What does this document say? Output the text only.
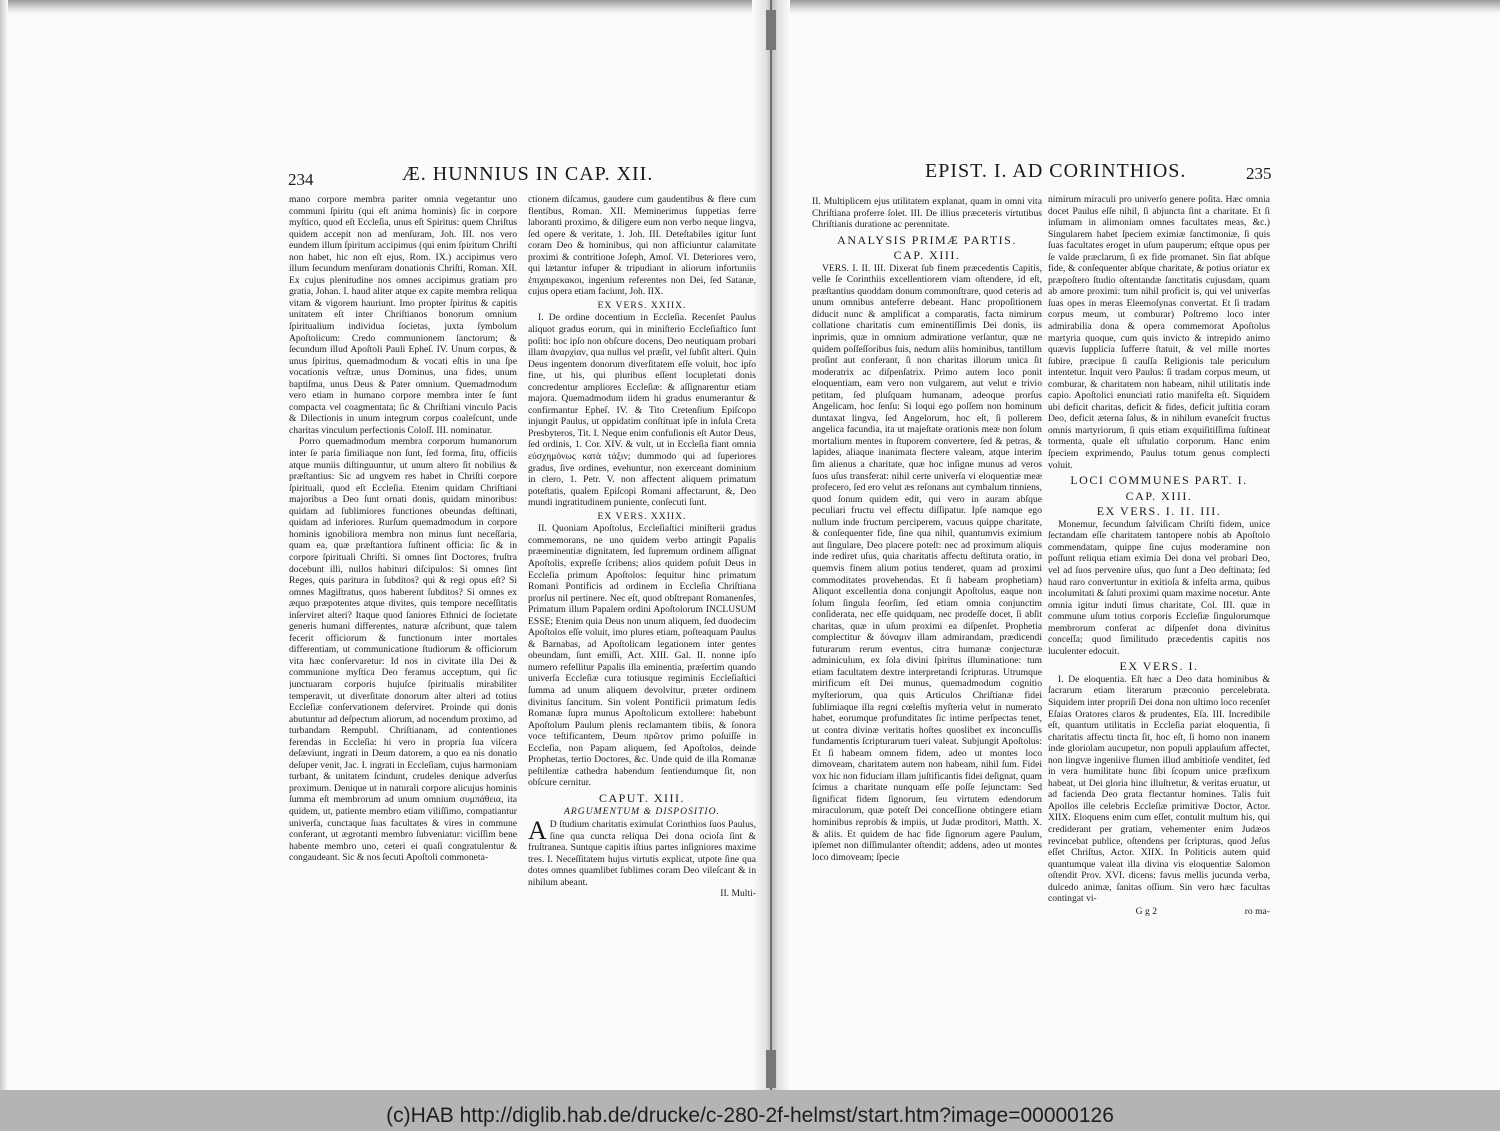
234	Æ. HUNNIUS IN CAP. XII.

mano corpore membra pariter omnia vegetantur uno communi ſpiritu (qui eſt anima hominis) ſic in corpore myſtico, quod eſt Eccleſia, unus eſt Spiritus: quem Chriſtus quidem accepit non ad menſuram, Joh. III. nos vero eundem illum ſpiritum accipimus (qui enim ſpiritum Chriſti non habet, hic non eſt ejus, Rom. IX.) accipimus vero illum ſecundum menſuram donationis Chriſti, Roman. XII. Ex cujus plenitudine nos omnes accipimus gratiam pro gratia, Johan. I. haud aliter atque ex capite membra reliqua vitam & vigorem hauriunt. Imo propter ſpiritus & capitis unitatem eſt inter Chriſtianos bonorum omnium ſpiritualium individua ſocietas, juxta ſymbolum Apoſtolicum: Credo communionem ſanctorum; & ſecundum illud Apoſtoli Pauli Epheſ. IV. Unum corpus, & unus ſpiritus, quemadmodum & vocati eſtis in una ſpe vocationis veſtræ, unus Dominus, una fides, unum baptiſma, unus Deus & Pater omnium. Quemadmodum vero etiam in humano corpore membra inter ſe ſunt compacta vel coagmentata; ſic & Chriſtiani vinculo Pacis & Dilectionis in unum integrum corpus coaleſcunt, unde charitas vinculum perfectionis Coloſſ. III. nominatur.

Porro quemadmodum membra corporum humanorum inter ſe paria ſimiliaque non ſunt, ſed forma, ſitu, officiis atque muniis diſtinguuntur, ut unum altero ſit nobilius & præſtantius: Sic ad ungvem res habet in Chriſti corpore ſpirituali, quod eſt Eccleſia. Etenim quidam Chriſtiani majoribus a Deo ſunt ornati donis, quidam minoribus: quidam ad ſublimiores functiones obeundas deſtinati, quidam ad inferiores. Rurſum quemadmodum in corpore hominis ignobiliora membra non minus ſunt neceſſaria, quam ea, quæ præſtantiora ſuſtinent officia: ſic & in corpore ſpirituali Chriſti. Si omnes ſint Doctores, fruſtra docebunt illi, nullos habituri diſcipulos: Si omnes ſint Reges, quis paritura in ſubditos? qui & regi opus eſt? Si omnes Magiſtratus, quos haberent ſubditos? Si omnes ex æquo præpotentes atque divites, quis tempore neceſſitatis inſerviret alteri? Itaque quod ſaniores Ethnici de ſocietate generis humani differentes, naturæ aſcribunt, quæ talem fecerit officiorum & functionum inter mortales differentiam, ut communicatione ſtudiorum & officiorum vita hæc conſervaretur: Id nos in civitate illa Dei & communione myſtica Deo feramus acceptum, qui ſic junctuaram corporis hujuſce ſpiritualis mirabiliter temperavit, ut diverſitate donorum alter alteri ad totius Eccleſiæ conſervationem deſerviret. Proinde qui donis abutuntur ad deſpectum aliorum, ad nocendum proximo, ad turbandam Rempubl. Chriſtianam, ad contentiones ferendas in Eccleſia: hi vero in propria ſua viſcera deſæviunt, ingrati in Deum datorem, a quo ea nis donatio deſuper venit, Jac. I. ingrati in Eccleſiam, cujus harmoniam turbant, & unitatem ſcindunt, crudeles denique adverſus proximum. Denique ut in naturali corpore alicujus hominis ſumma eſt membrorum ad unum omnium συμπάθεια, ita quidem, ut, patiente membro etiam viliſſimo, compatiantur univerſa, cunctaque ſuas facultates & vires in commune conferant, ut ægrotanti membro ſubveniatur: viciſſim bene habente membro uno, ceteri ei quaſi congratulentur & congaudeant. Sic & nos ſecuti Apoſtoli commoneta-

ctionem diſcamus, gaudere cum gaudentibus & flere cum flentibus, Roman. XII. Meminerimus ſuppetias ferre laboranti proximo, & diligere eum non verbo neque lingva, ſed opere & veritate, 1. Joh. III. Deteſtabiles igitur ſunt coram Deo & hominibus, qui non afficiuntur calamitate proximi & contritione Joſeph, Amoſ. VI. Deteriores vero, qui lætantur infuper & tripudiant in aliorum infortuniis ἐπιχαιρεκακοι, ingenium referentes non Dei, ſed Satanæ, cujus opera etiam faciunt, Joh. IIX.

EX VERS. XXIIX.

I. De ordine docentium in Eccleſia. Recenſet Paulus aliquot gradus eorum, qui in miniſterio Eccleſiaſtico ſunt poſiti: hoc ipſo non obſcure docens, Deo neutiquam probari illam ἀναρχίαν, qua nullus vel præſit, vel ſubſit alteri. Quin Deus ingentem donorum diverſitatem eſſe voluit, hoc ipſo fine, ut his, qui pluribus eſſent locupletati donis concredentur ampliores Eccleſiæ: & aſſignarentur etiam majora. Quemadmodum iidem hi gradus enumerantur & confirmantur Epheſ. IV. & Tito Cretenſium Epiſcopo injungit Paulus, ut oppidatim conſtituat ipſe in inſula Creta Presbyteros, Tit. I. Neque enim confuſionis eſt Autor Deus, ſed ordinis, 1. Cor. XIV. & vult, ut in Eccleſia fiant omnia εὐσχημόνως κατὰ τάξιν; dummodo qui ad ſuperiores gradus, ſive ordines, evehuntur, non exerceant dominium in clero, 1. Petr. V. non affectent aliquem primatum poteſtatis, qualem Epiſcopi Romani affectarunt, &, Deo mundi ingratitudinem puniente, conſecuti ſunt.

EX VERS. XXIIX.

II. Quoniam Apoſtolus, Eccleſiaſtici miniſterii gradus commemorans, ne uno quidem verbo attingit Papalis præeminentiæ dignitatem, ſed ſupremum ordinem aſſignat Apoſtolis, expreſſe ſcribens; alios quidem poſuit Deus in Eccleſia primum Apoſtolos: ſequitur hinc primatum Romani Pontificis ad ordinem in Eccleſia Chriſtiana prorſus nil pertinere. Nec eſt, quod obſtrepant Romanenſes, Primatum illum Papalem ordini Apoſtolorum INCLUSUM ESSE; Etenim quia Deus non unum aliquem, ſed duodecim Apoſtolos eſſe voluit, imo plures etiam, poſteaquam Paulus & Barnabas, ad Apoſtolicam legationem inter gentes obeundam, ſunt emiſſi, Act. XIII. Gal. II. nonne ipſo numero refellitur Papalis illa eminentia, præſertim quando univerſa Eccleſiæ cura totiusque regiminis Eccleſiaſtici ſumma ad unum aliquem devolvitur, præter ordinem divinitus ſancitum. Sin volent Pontificii primatum ſedis Romanæ ſupra munus Apoſtolicum extollere: habebunt Apoſtolum Paulum plenis reclamantem tibiis, & ſonora voce teſtificantem, Deum πρῶτον primo poſuiſſe in Eccleſia, non Papam aliquem, ſed Apoſtolos, deinde Prophetas, tertio Doctores, &c. Unde quid de illa Romanæ peſtilentiæ cathedra habendum ſentiendumque ſit, non obſcure cernitur.

CAPUT. XIII.
ARGUMENTUM & DISPOSITIO.

A D ſtudium charitatis eximulat Corinthios ſuos Paulus, ſine qua cuncta reliqua Dei dona ocioſa ſint & fruſtranea. Suntque capitis iſtius partes inſigniores maxime tres. I. Neceſſitatem hujus virtutis explicat, utpote ſine qua dotes omnes quamlibet ſublimes coram Deo vileſcant & in nihilum abeant.

II. Multi-
EPIST. I. AD CORINTHIOS.	235

II. Multiplicem ejus utilitatem explanat, quam in omni vita Chriſtiana proferre ſolet. III. De illius præceteris virtutibus Chriſtianis duratione ac perennitate.

ANALYSIS PRIMÆ PARTIS.
CAP. XIII.

VERS. I. II. III. Dixerat ſub finem præcedentis Capitis, velle ſe Corinthiis excellentiorem viam oſtendere, id eſt, præſtantius quoddam donum commonſtrare, quod ceteris ad unum omnibus anteferre debeant. Hanc propoſitionem diducit nunc & amplificat a comparatis, facta nimirum collatione charitatis cum eminentiſſimis Dei donis, iis inprimis, quæ in omnium admiratione verſantur, quæ ne quidem poſſeſſoribus ſuis, nedum aliis hominibus, tantillum proſint aut conferant, ſi non charitas illorum unica ſit moderatrix ac diſpenſatrix. Primo autem loco ponit eloquentiam, eam vero non vulgarem, aut velut e trivio petitam, ſed pluſquam humanam, adeoque prorſus Angelicam, hoc ſenſu: Si loqui ego poſſem non hominum duntaxat lingva, ſed Angelorum, hoc eſt, ſi pollerem angelica facundia, ita ut majeſtate orationis meæ non ſolum mortalium mentes in ſtuporem convertere, ſed & petras, & lapides, aliaque inanimata flectere valeam, atque interim ſim alienus a charitate, quæ hoc inſigne munus ad veros ſuos uſus transferat: nihil certe univerſa vi eloquentiæ meæ profecero, ſed ero velut æs reſonans aut cymbalum tinniens, quod ſonum quidem edit, qui vero in auram abſque peculiari fructu vel effectu diſſipatur. Ipſe namque ego nullum inde fructum perciperem, vacuus quippe charitate, & conſequenter fide, ſine qua nihil, quantumvis eximium aut ſingulare, Deo placere poteſt: nec ad proximum aliquis inde rediret uſus, quia charitatis affectu deſtituta oratio, in quemvis finem alium potius tenderet, quam ad proximi commoditates provehendas. Et ſi habeam prophetiam) Aliquot excellentia dona conjungit Apoſtolus, eaque non ſolum ſingula ſeorſim, ſed etiam omnia conjunctim conſiderata, nec eſſe quidquam, nec prodeſſe docet, ſi abſit charitas, quæ in uſum proximi ea diſpenſet. Prophetia complectitur & δύναμιν illam admirandam, prædicendi futurarum rerum eventus, citra humanæ conjecturæ adminiculum, ex ſola divini ſpiritus illuminatione: tum etiam facultatem dextre interpretandi ſcripturas. Utrumque mirificum eſt Dei munus, quemadmodum cognitio myſteriorum, qua quis Articulos Chriſtianæ fidei ſublimiaque illa regni cœleſtis myſteria velut in numerato habet, eorumque profunditates ſic intime perſpectas tenet, ut contra divinæ veritatis hoſtes quoslibet ex inconcuſſis fundamentis ſcripturarum tueri valeat. Subjungit Apoſtolus: Et ſi habeam omnem fidem, adeo ut montes loco dimoveam, charitatem autem non habeam, nihil ſum. Fidei vox hic non fiduciam illam juſtificantis fidei deſignat, quam ſcimus a charitate nunquam eſſe poſſe ſejunctam: Sed ſignificat fidem ſignorum, ſeu virtutem edendorum miraculorum, quæ poteſt Dei conceſſione obtingere etiam hominibus reprobis & impiis, ut Judæ proditori, Matth. X. & aliis. Et quidem de hac fide ſignorum agere Paulum, ipſemet non diſſimulanter oſtendit; addens, adeo ut montes loco dimoveam; ſpecie

nimirum miraculi pro univerſo genere poſita. Hæc omnia docet Paulus eſſe nihil, ſi abjuncta ſint a charitate. Et ſi inſumam in alimoniam omnes facultates meas, &c.) Singularem habet ſpeciem eximiæ ſanctimoniæ, ſi quis ſuas facultates eroget in uſum pauperum; eſtque opus per ſe valde præclarum, ſi ex fide promanet. Sin ſiat abſque fide, & conſequenter abſque charitate, & potius oriatur ex præpoſtero ſtudio oſtentandæ ſanctitatis cujusdam, quam ab amore proximi: tum nihil proficit is, qui vel univerſas ſuas opes in meras Eleemoſynas convertat. Et ſi tradam corpus meum, ut comburar) Poſtremo loco inter admirabilia dona & opera commemorat Apoſtolus martyria quoque, cum quis invicto & intrepido animo quævis ſupplicia ſufferre ſtatuit, & vel mille mortes ſubire, præcipue ſi cauſſa Religionis tale periculum intentetur. Inquit vero Paulus: ſi tradam corpus meum, ut comburar, & charitatem non habeam, nihil utilitatis inde capio. Apoſtolici enunciati ratio manifeſta eſt. Siquidem ubi deficit charitas, deficit & fides, deficit juſtitia coram Deo, deficit æterna ſalus, & in nihilum evaneſcit fructus omnis martyriorum, ſi quis etiam exquiſitiſſima ſuſtineat tormenta, quale eſt uſtulatio corporum. Hanc enim ſpeciem exprimendo, Paulus totum genus complecti voluit.

LOCI COMMUNES PART. I.
CAP. XIII.
EX VERS. I. II. III.

Monemur, ſecundum ſalviſicam Chriſti fidem, unice ſectandam eſſe charitatem tantopere nobis ab Apoſtolo commendatam, quippe ſine cujus moderamine non poſſunt reliqua etiam eximia Dei dona vel probari Deo, vel ad ſuos pervenire uſus, quo ſunt a Deo deſtinata; ſed haud raro convertuntur in exitioſa & infeſta arma, quibus incolumitati & ſaluti proximi quam maxime nocetur. Ante omnia igitur induti ſimus charitate, Col. III. quæ in commune uſum totius corporis Eccleſiæ ſingulorumque membrorum conferat ac diſpenſet dona divinitus conceſſa; quod ſimilitudo præcedentis capitis nos luculenter edocuit.

EX VERS. I.

I. De eloquentia. Eſt hæc a Deo data hominibus & ſacrarum etiam literarum præconio percelebrata. Siquidem inter propriſi Dei dona non ultimo loco recenſet Eſaias Oratores claros & prudentes, Eſa. III. Incredibile eſt, quantum utilitatis in Eccleſia pariat eloquentia, ſi charitatis affectu tincta ſit, hoc eſt, ſi homo non inanem inde gloriolam aucupetur, non populi applauſum affectet, non lingvæ ingeniive flumen illud ambitioſe venditet, ſed in vera humilitate hunc ſibi ſcopum unice præfixum habeat, ut Dei gloria hinc illuſtretur, & veritas eruatur, ut ad facienda Deo grata flectantur homines. Talis fuit Apollos ille celebris Eccleſiæ primitivæ Doctor, Actor. XIIX. Eloquens enim cum eſſet, contulit multum his, qui crediderant per gratiam, vehementer enim Judæos revincebat publice, oſtendens per ſcripturas, quod Jeſus eſſet Chriſtus, Actor. XIIX. In Politicis autem quid quantumque valeat illa divina vis eloquentiæ Salomon oſtendit Prov. XVI. dicens: favus mellis jucunda verba, dulcedo animæ, ſanitas oſſium. Sin vero hæc facultas contingat vi-

G g 2	ro ma-
(c)HAB http://diglib.hab.de/drucke/c-280-2f-helmst/start.htm?image=00000126
